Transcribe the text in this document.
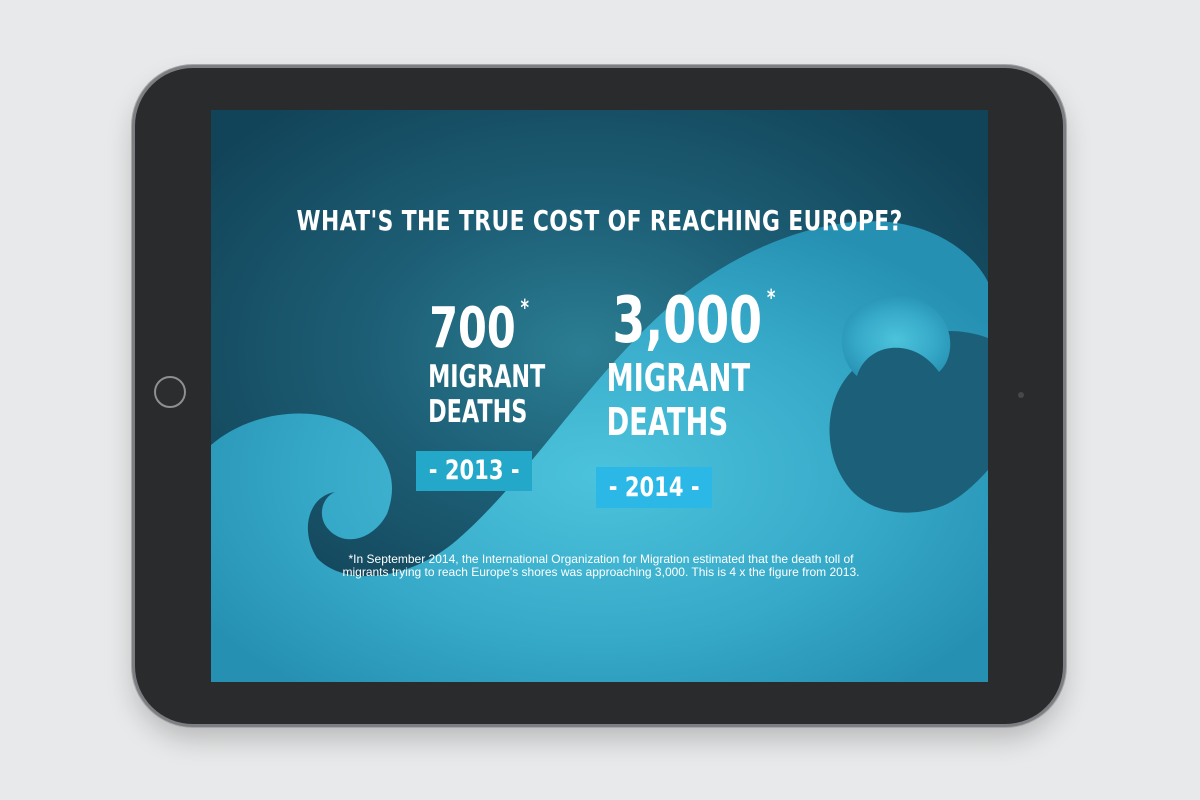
WHAT'S THE TRUE COST OF REACHING EUROPE?
700 *
MIGRANT
DEATHS
- 2013 -
3,000 *
MIGRANT
DEATHS
- 2014 -
*In September 2014, the International Organization for Migration estimated that the death toll of
migrants trying to reach Europe's shores was approaching 3,000. This is 4 x the figure from 2013.
